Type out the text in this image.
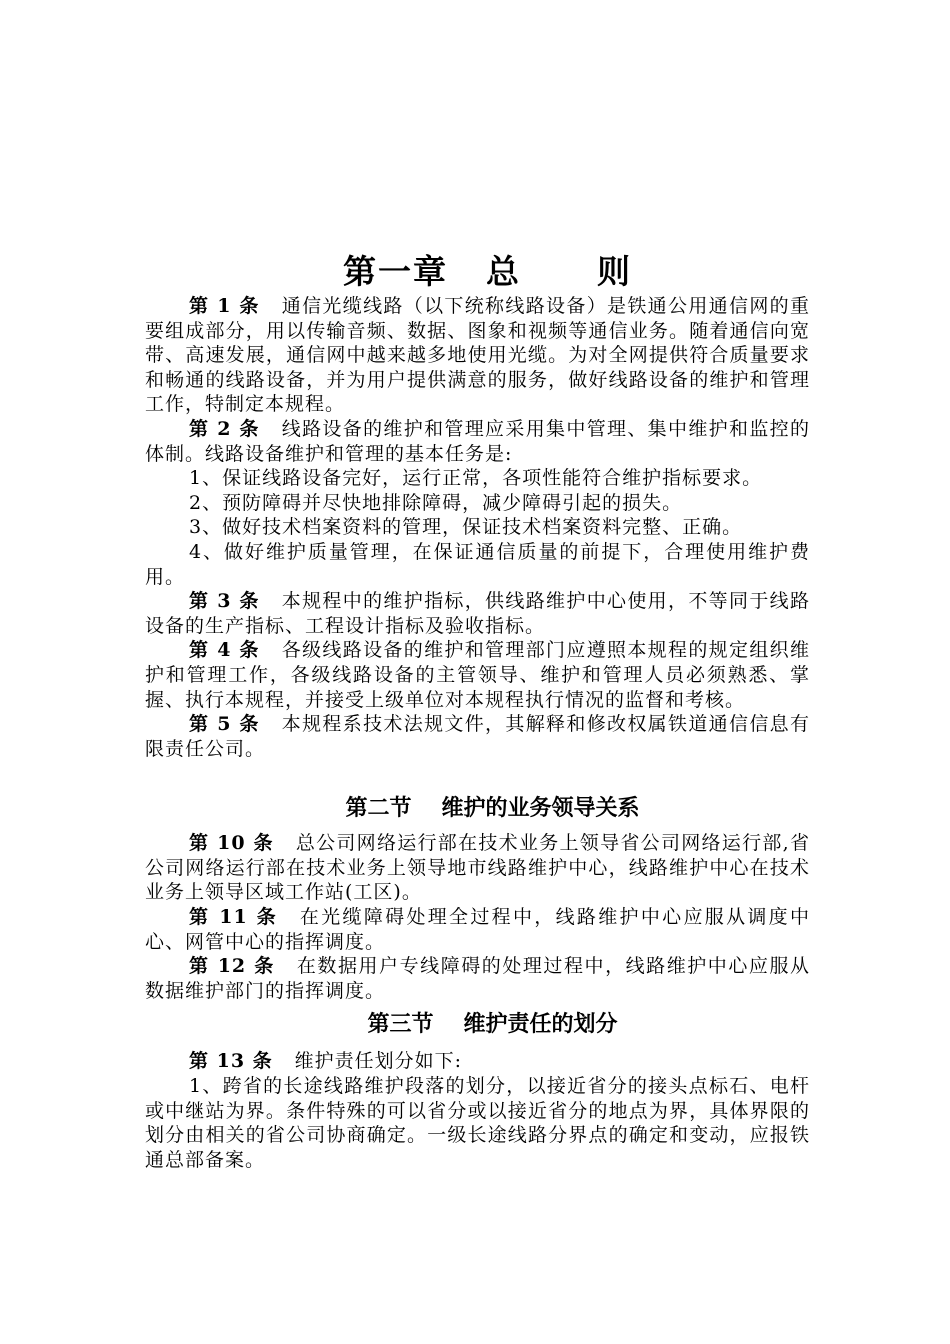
第一章 总 则

第 1 条 通信光缆线路（以下统称线路设备）是铁通公用通信网的重要组成部分，用以传输音频、数据、图象和视频等通信业务。随着通信向宽带、高速发展，通信网中越来越多地使用光缆。为对全网提供符合质量要求和畅通的线路设备，并为用户提供满意的服务，做好线路设备的维护和管理工作，特制定本规程。

第 2 条 线路设备的维护和管理应采用集中管理、集中维护和监控的体制。线路设备维护和管理的基本任务是:

1、保证线路设备完好，运行正常，各项性能符合维护指标要求。

2、预防障碍并尽快地排除障碍，减少障碍引起的损失。

3、做好技术档案资料的管理，保证技术档案资料完整、正确。

4、做好维护质量管理，在保证通信质量的前提下，合理使用维护费用。

第 3 条 本规程中的维护指标，供线路维护中心使用，不等同于线路设备的生产指标、工程设计指标及验收指标。

第 4 条 各级线路设备的维护和管理部门应遵照本规程的规定组织维护和管理工作，各级线路设备的主管领导、维护和管理人员必须熟悉、掌握、执行本规程，并接受上级单位对本规程执行情况的监督和考核。

第 5 条 本规程系技术法规文件，其解释和修改权属铁道通信信息有限责任公司。

第二节 维护的业务领导关系

第 10 条 总公司网络运行部在技术业务上领导省公司网络运行部,省公司网络运行部在技术业务上领导地市线路维护中心，线路维护中心在技术业务上领导区域工作站(工区)。

第 11 条 在光缆障碍处理全过程中，线路维护中心应服从调度中心、网管中心的指挥调度。

第 12 条 在数据用户专线障碍的处理过程中，线路维护中心应服从数据维护部门的指挥调度。

第三节 维护责任的划分

第 13 条 维护责任划分如下:

1、跨省的长途线路维护段落的划分，以接近省分的接头点标石、电杆或中继站为界。条件特殊的可以省分或以接近省分的地点为界，具体界限的划分由相关的省公司协商确定。一级长途线路分界点的确定和变动，应报铁通总部备案。
